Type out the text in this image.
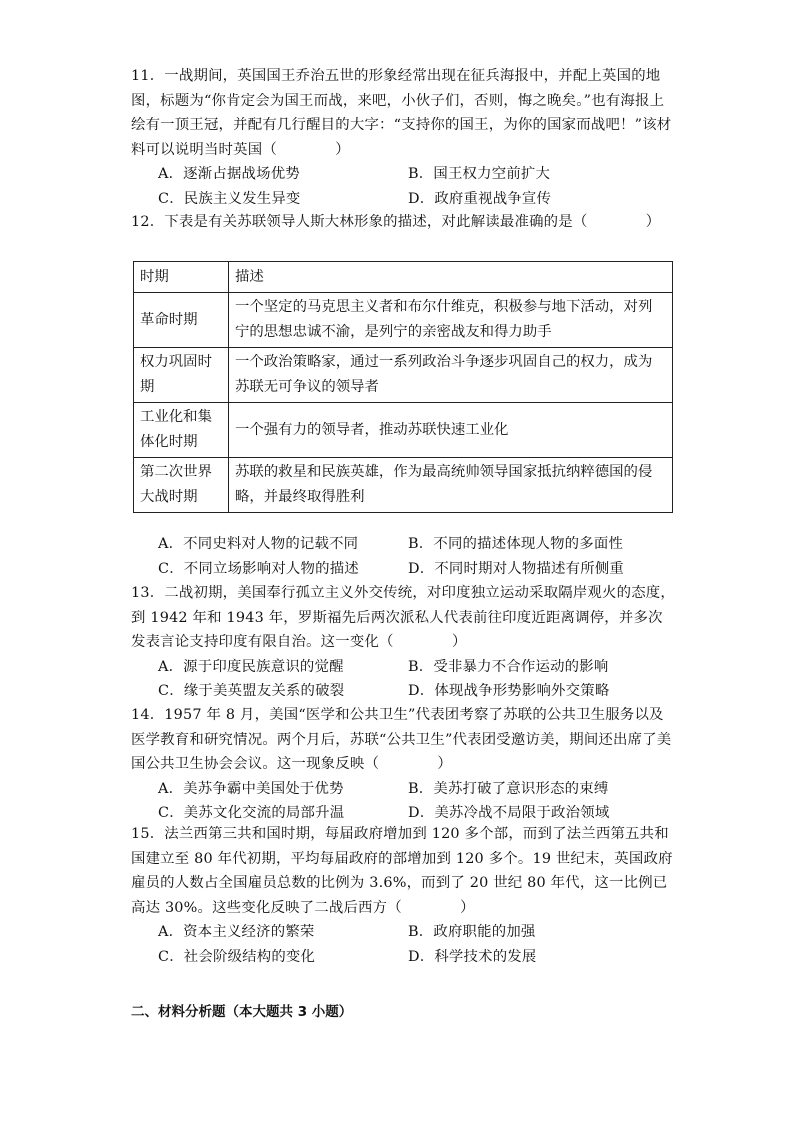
11．一战期间，英国国王乔治五世的形象经常出现在征兵海报中，并配上英国的地图，标题为“你肯定会为国王而战，来吧，小伙子们，否则，悔之晚矣。”也有海报上绘有一顶王冠，并配有几行醒目的大字：“支持你的国王，为你的国家而战吧！”该材料可以说明当时英国（　　　　）

A．逐渐占据战场优势	B．国王权力空前扩大
C．民族主义发生异变	D．政府重视战争宣传

12．下表是有关苏联领导人斯大林形象的描述，对此解读最准确的是（　　　　）

时期	描述
革命时期	一个坚定的马克思主义者和布尔什维克，积极参与地下活动，对列宁的思想忠诚不渝，是列宁的亲密战友和得力助手
权力巩固时期	一个政治策略家，通过一系列政治斗争逐步巩固自己的权力，成为苏联无可争议的领导者
工业化和集体化时期	一个强有力的领导者，推动苏联快速工业化
第二次世界大战时期	苏联的救星和民族英雄，作为最高统帅领导国家抵抗纳粹德国的侵略，并最终取得胜利
A．不同史料对人物的记载不同	B．不同的描述体现人物的多面性
C．不同立场影响对人物的描述	D．不同时期对人物描述有所侧重

13．二战初期，美国奉行孤立主义外交传统，对印度独立运动采取隔岸观火的态度，到 1942 年和 1943 年，罗斯福先后两次派私人代表前往印度近距离调停，并多次发表言论支持印度有限自治。这一变化（　　　　）

A．源于印度民族意识的觉醒	B．受非暴力不合作运动的影响
C．缘于美英盟友关系的破裂	D．体现战争形势影响外交策略

14．1957 年 8 月，美国“医学和公共卫生”代表团考察了苏联的公共卫生服务以及医学教育和研究情况。两个月后，苏联“公共卫生”代表团受邀访美，期间还出席了美国公共卫生协会会议。这一现象反映（　　　　）

A．美苏争霸中美国处于优势	B．美苏打破了意识形态的束缚
C．美苏文化交流的局部升温	D．美苏冷战不局限于政治领域

15．法兰西第三共和国时期，每届政府增加到 120 多个部，而到了法兰西第五共和国建立至 80 年代初期，平均每届政府的部增加到 120 多个。19 世纪末，英国政府雇员的人数占全国雇员总数的比例为 3.6%，而到了 20 世纪 80 年代，这一比例已高达 30%。这些变化反映了二战后西方（　　　　）

A．资本主义经济的繁荣	B．政府职能的加强
C．社会阶级结构的变化	D．科学技术的发展
二、材料分析题（本大题共 3 小题）
